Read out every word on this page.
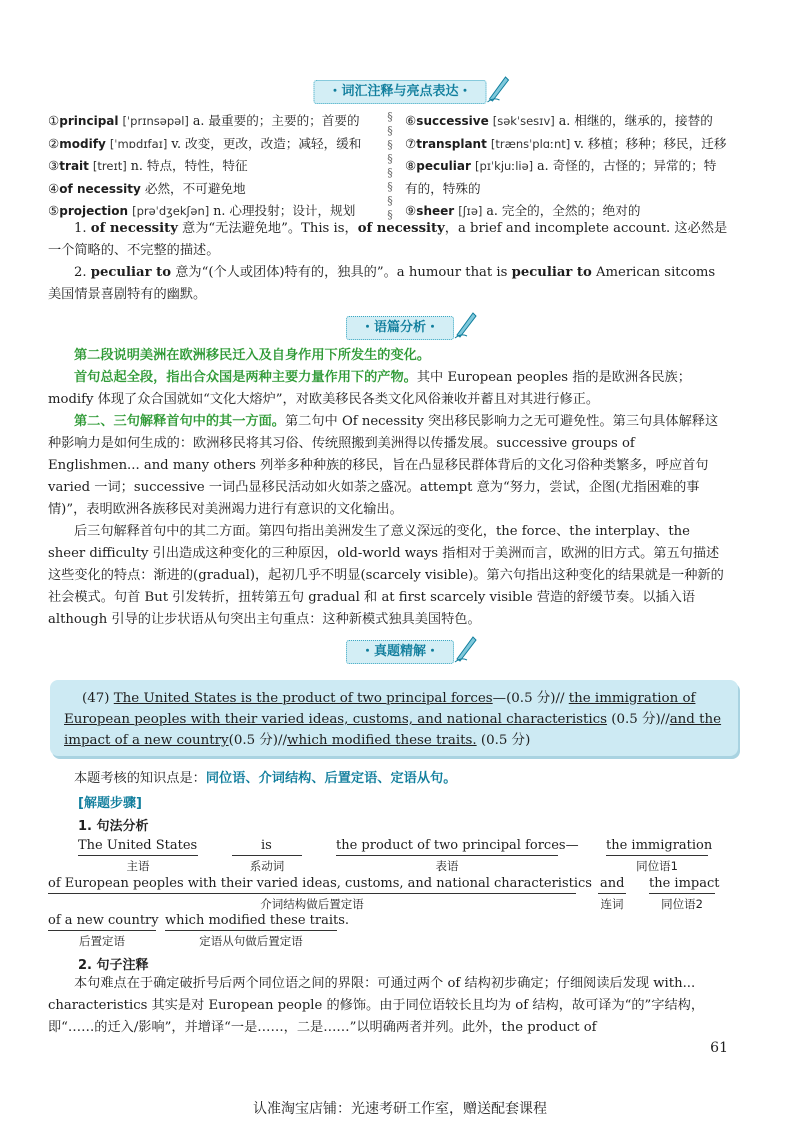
・词汇注释与亮点表达・
①principal [ˈprɪnsəpəl] a. 最重要的；主要的；首要的
②modify [ˈmɒdɪfaɪ] v. 改变，更改，改造；减轻，缓和
③trait [treɪt] n. 特点，特性，特征
④of necessity 必然，不可避免地
⑤projection [prəˈdʒekʃən] n. 心理投射；设计，规划
§
§
§
§
§
§
§
§
⑥successive [səkˈsesɪv] a. 相继的，继承的，接替的
⑦transplant [trænsˈplɑːnt] v. 移植；移种；移民，迁移
⑧peculiar [pɪˈkjuːliə] a. 奇怪的，古怪的；异常的；特
有的，特殊的
⑨sheer [ʃɪə] a. 完全的，全然的；绝对的
1. of necessity 意为“无法避免地”。This is，of necessity，a brief and incomplete account. 这必然是一个简略的、不完整的描述。
2. peculiar to 意为“(个人或团体)特有的，独具的”。a humour that is peculiar to American sitcoms 美国情景喜剧特有的幽默。
・语篇分析・
第二段说明美洲在欧洲移民迁入及自身作用下所发生的变化。
首句总起全段，指出合众国是两种主要力量作用下的产物。其中 European peoples 指的是欧洲各民族；modify 体现了众合国就如“文化大熔炉”，对欧美移民各类文化风俗兼收并蓄且对其进行修正。
第二、三句解释首句中的其一方面。第二句中 Of necessity 突出移民影响力之无可避免性。第三句具体解释这种影响力是如何生成的：欧洲移民将其习俗、传统照搬到美洲得以传播发展。successive groups of Englishmen... and many others 列举多种种族的移民，旨在凸显移民群体背后的文化习俗种类繁多，呼应首句 varied 一词；successive 一词凸显移民活动如火如荼之盛况。attempt 意为“努力，尝试，企图(尤指困难的事情)”，表明欧洲各族移民对美洲竭力进行有意识的文化输出。
后三句解释首句中的其二方面。第四句指出美洲发生了意义深远的变化，the force、the interplay、the sheer difficulty 引出造成这种变化的三种原因，old-world ways 指相对于美洲而言，欧洲的旧方式。第五句描述这些变化的特点：渐进的(gradual)，起初几乎不明显(scarcely visible)。第六句指出这种变化的结果就是一种新的社会模式。句首 But 引发转折，扭转第五句 gradual 和 at first scarcely visible 营造的舒缓节奏。以插入语 although 引导的让步状语从句突出主句重点：这种新模式独具美国特色。
・真题精解・
(47) The United States is the product of two principal forces—(0.5 分)// the immigration of European peoples with their varied ideas, customs, and national characteristics (0.5 分)//and the impact of a new country(0.5 分)//which modified these traits. (0.5 分)
本题考核的知识点是：同位语、介词结构、后置定语、定语从句。
[解题步骤]
1. 句法分析
The United States
主语
is
系动词
the product of two principal forces—
表语
the immigration
同位语1
of European peoples with their varied ideas, customs, and national characteristics
介词结构做后置定语
and
连词
the impact
同位语2
of a new country
后置定语
which modified these traits.
定语从句做后置定语
2. 句子注释
本句难点在于确定破折号后两个同位语之间的界限：可通过两个 of 结构初步确定；仔细阅读后发现 with... characteristics 其实是对 European people 的修饰。由于同位语较长且均为 of 结构，故可译为“的”字结构，即“……的迁入/影响”，并增译“一是……，二是……”以明确两者并列。此外，the product of
61
认准淘宝店铺：光速考研工作室，赠送配套课程
